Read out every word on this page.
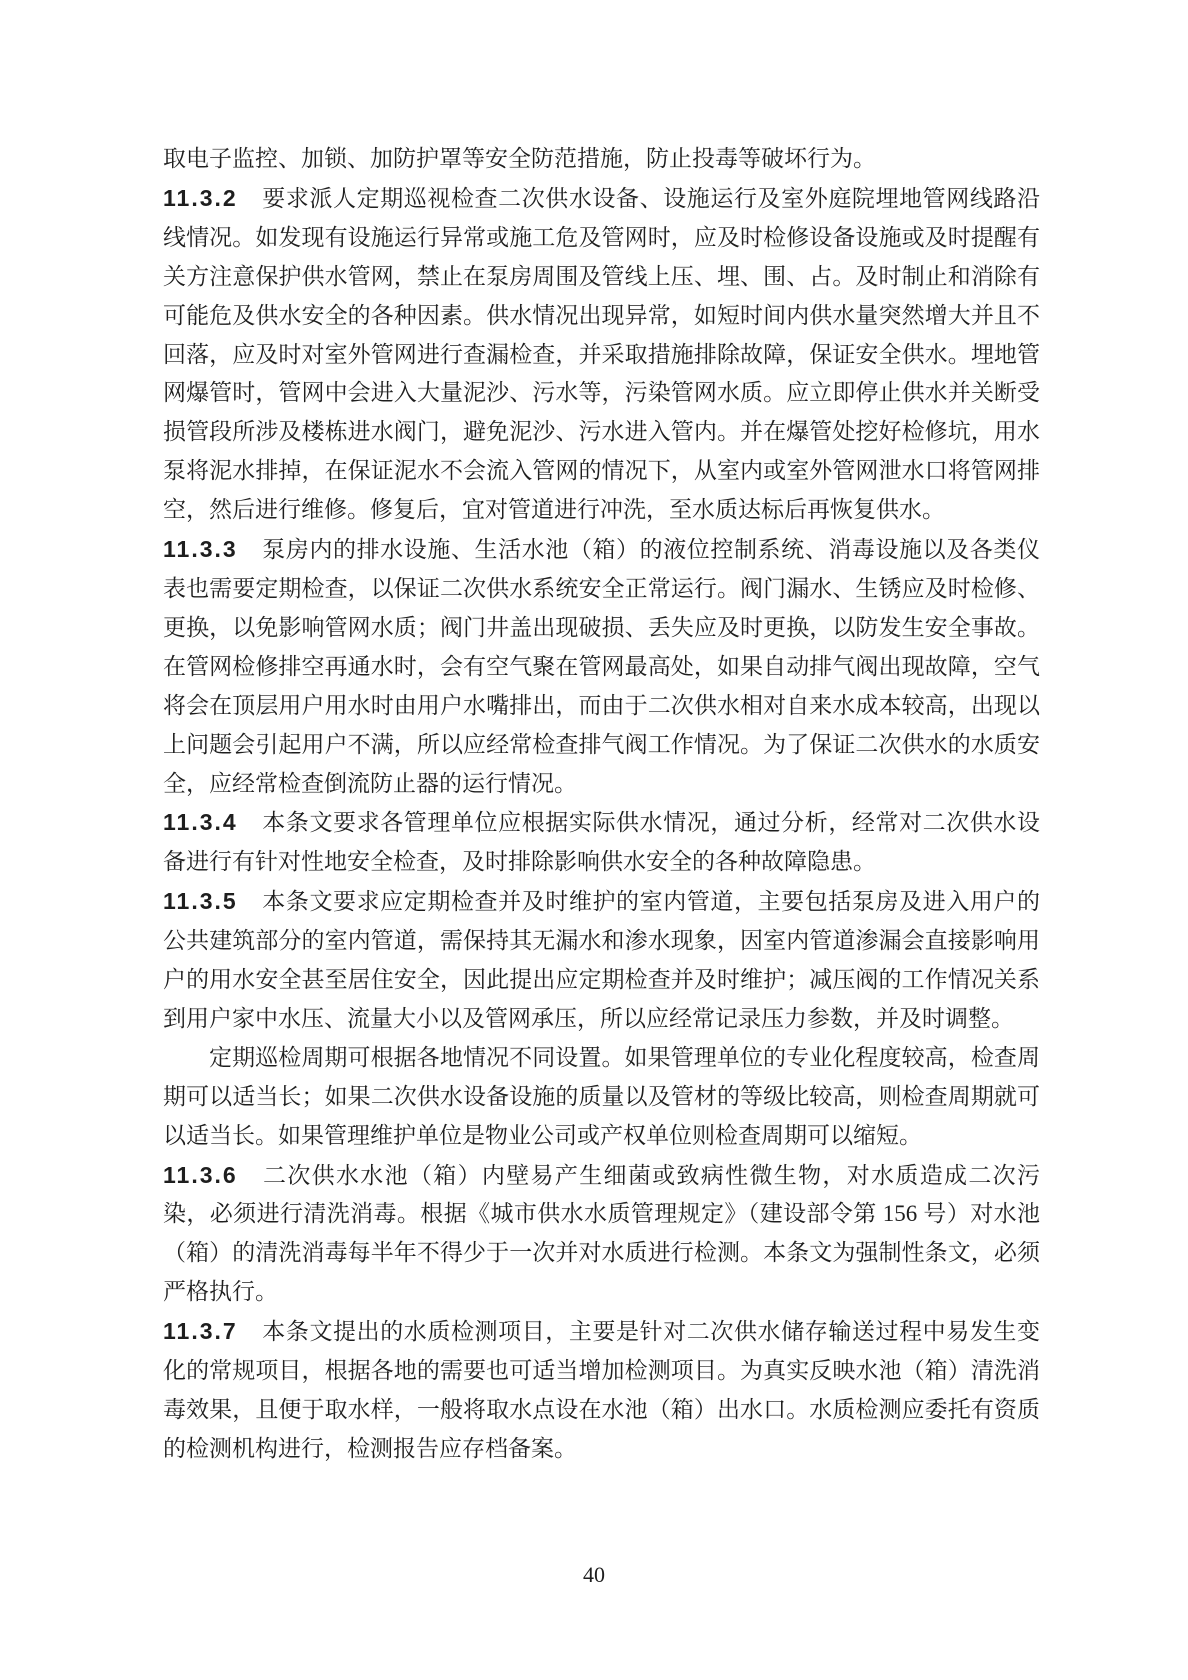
取电子监控、加锁、加防护罩等安全防范措施，防止投毒等破坏行为。

11.3.2 要求派人定期巡视检查二次供水设备、设施运行及室外庭院埋地管网线路沿线情况。如发现有设施运行异常或施工危及管网时，应及时检修设备设施或及时提醒有关方注意保护供水管网，禁止在泵房周围及管线上压、埋、围、占。及时制止和消除有可能危及供水安全的各种因素。供水情况出现异常，如短时间内供水量突然增大并且不回落，应及时对室外管网进行查漏检查，并采取措施排除故障，保证安全供水。埋地管网爆管时，管网中会进入大量泥沙、污水等，污染管网水质。应立即停止供水并关断受损管段所涉及楼栋进水阀门，避免泥沙、污水进入管内。并在爆管处挖好检修坑，用水泵将泥水排掉，在保证泥水不会流入管网的情况下，从室内或室外管网泄水口将管网排空，然后进行维修。修复后，宜对管道进行冲洗，至水质达标后再恢复供水。

11.3.3 泵房内的排水设施、生活水池（箱）的液位控制系统、消毒设施以及各类仪表也需要定期检查，以保证二次供水系统安全正常运行。阀门漏水、生锈应及时检修、更换，以免影响管网水质；阀门井盖出现破损、丢失应及时更换，以防发生安全事故。在管网检修排空再通水时，会有空气聚在管网最高处，如果自动排气阀出现故障，空气将会在顶层用户用水时由用户水嘴排出，而由于二次供水相对自来水成本较高，出现以上问题会引起用户不满，所以应经常检查排气阀工作情况。为了保证二次供水的水质安全，应经常检查倒流防止器的运行情况。

11.3.4 本条文要求各管理单位应根据实际供水情况，通过分析，经常对二次供水设备进行有针对性地安全检查，及时排除影响供水安全的各种故障隐患。

11.3.5 本条文要求应定期检查并及时维护的室内管道，主要包括泵房及进入用户的公共建筑部分的室内管道，需保持其无漏水和渗水现象，因室内管道渗漏会直接影响用户的用水安全甚至居住安全，因此提出应定期检查并及时维护；减压阀的工作情况关系到用户家中水压、流量大小以及管网承压，所以应经常记录压力参数，并及时调整。

定期巡检周期可根据各地情况不同设置。如果管理单位的专业化程度较高，检查周期可以适当长；如果二次供水设备设施的质量以及管材的等级比较高，则检查周期就可以适当长。如果管理维护单位是物业公司或产权单位则检查周期可以缩短。

11.3.6 二次供水水池（箱）内壁易产生细菌或致病性微生物，对水质造成二次污染，必须进行清洗消毒。根据《城市供水水质管理规定》（建设部令第 156 号）对水池（箱）的清洗消毒每半年不得少于一次并对水质进行检测。本条文为强制性条文，必须严格执行。

11.3.7 本条文提出的水质检测项目，主要是针对二次供水储存输送过程中易发生变化的常规项目，根据各地的需要也可适当增加检测项目。为真实反映水池（箱）清洗消毒效果，且便于取水样，一般将取水点设在水池（箱）出水口。水质检测应委托有资质的检测机构进行，检测报告应存档备案。

40
